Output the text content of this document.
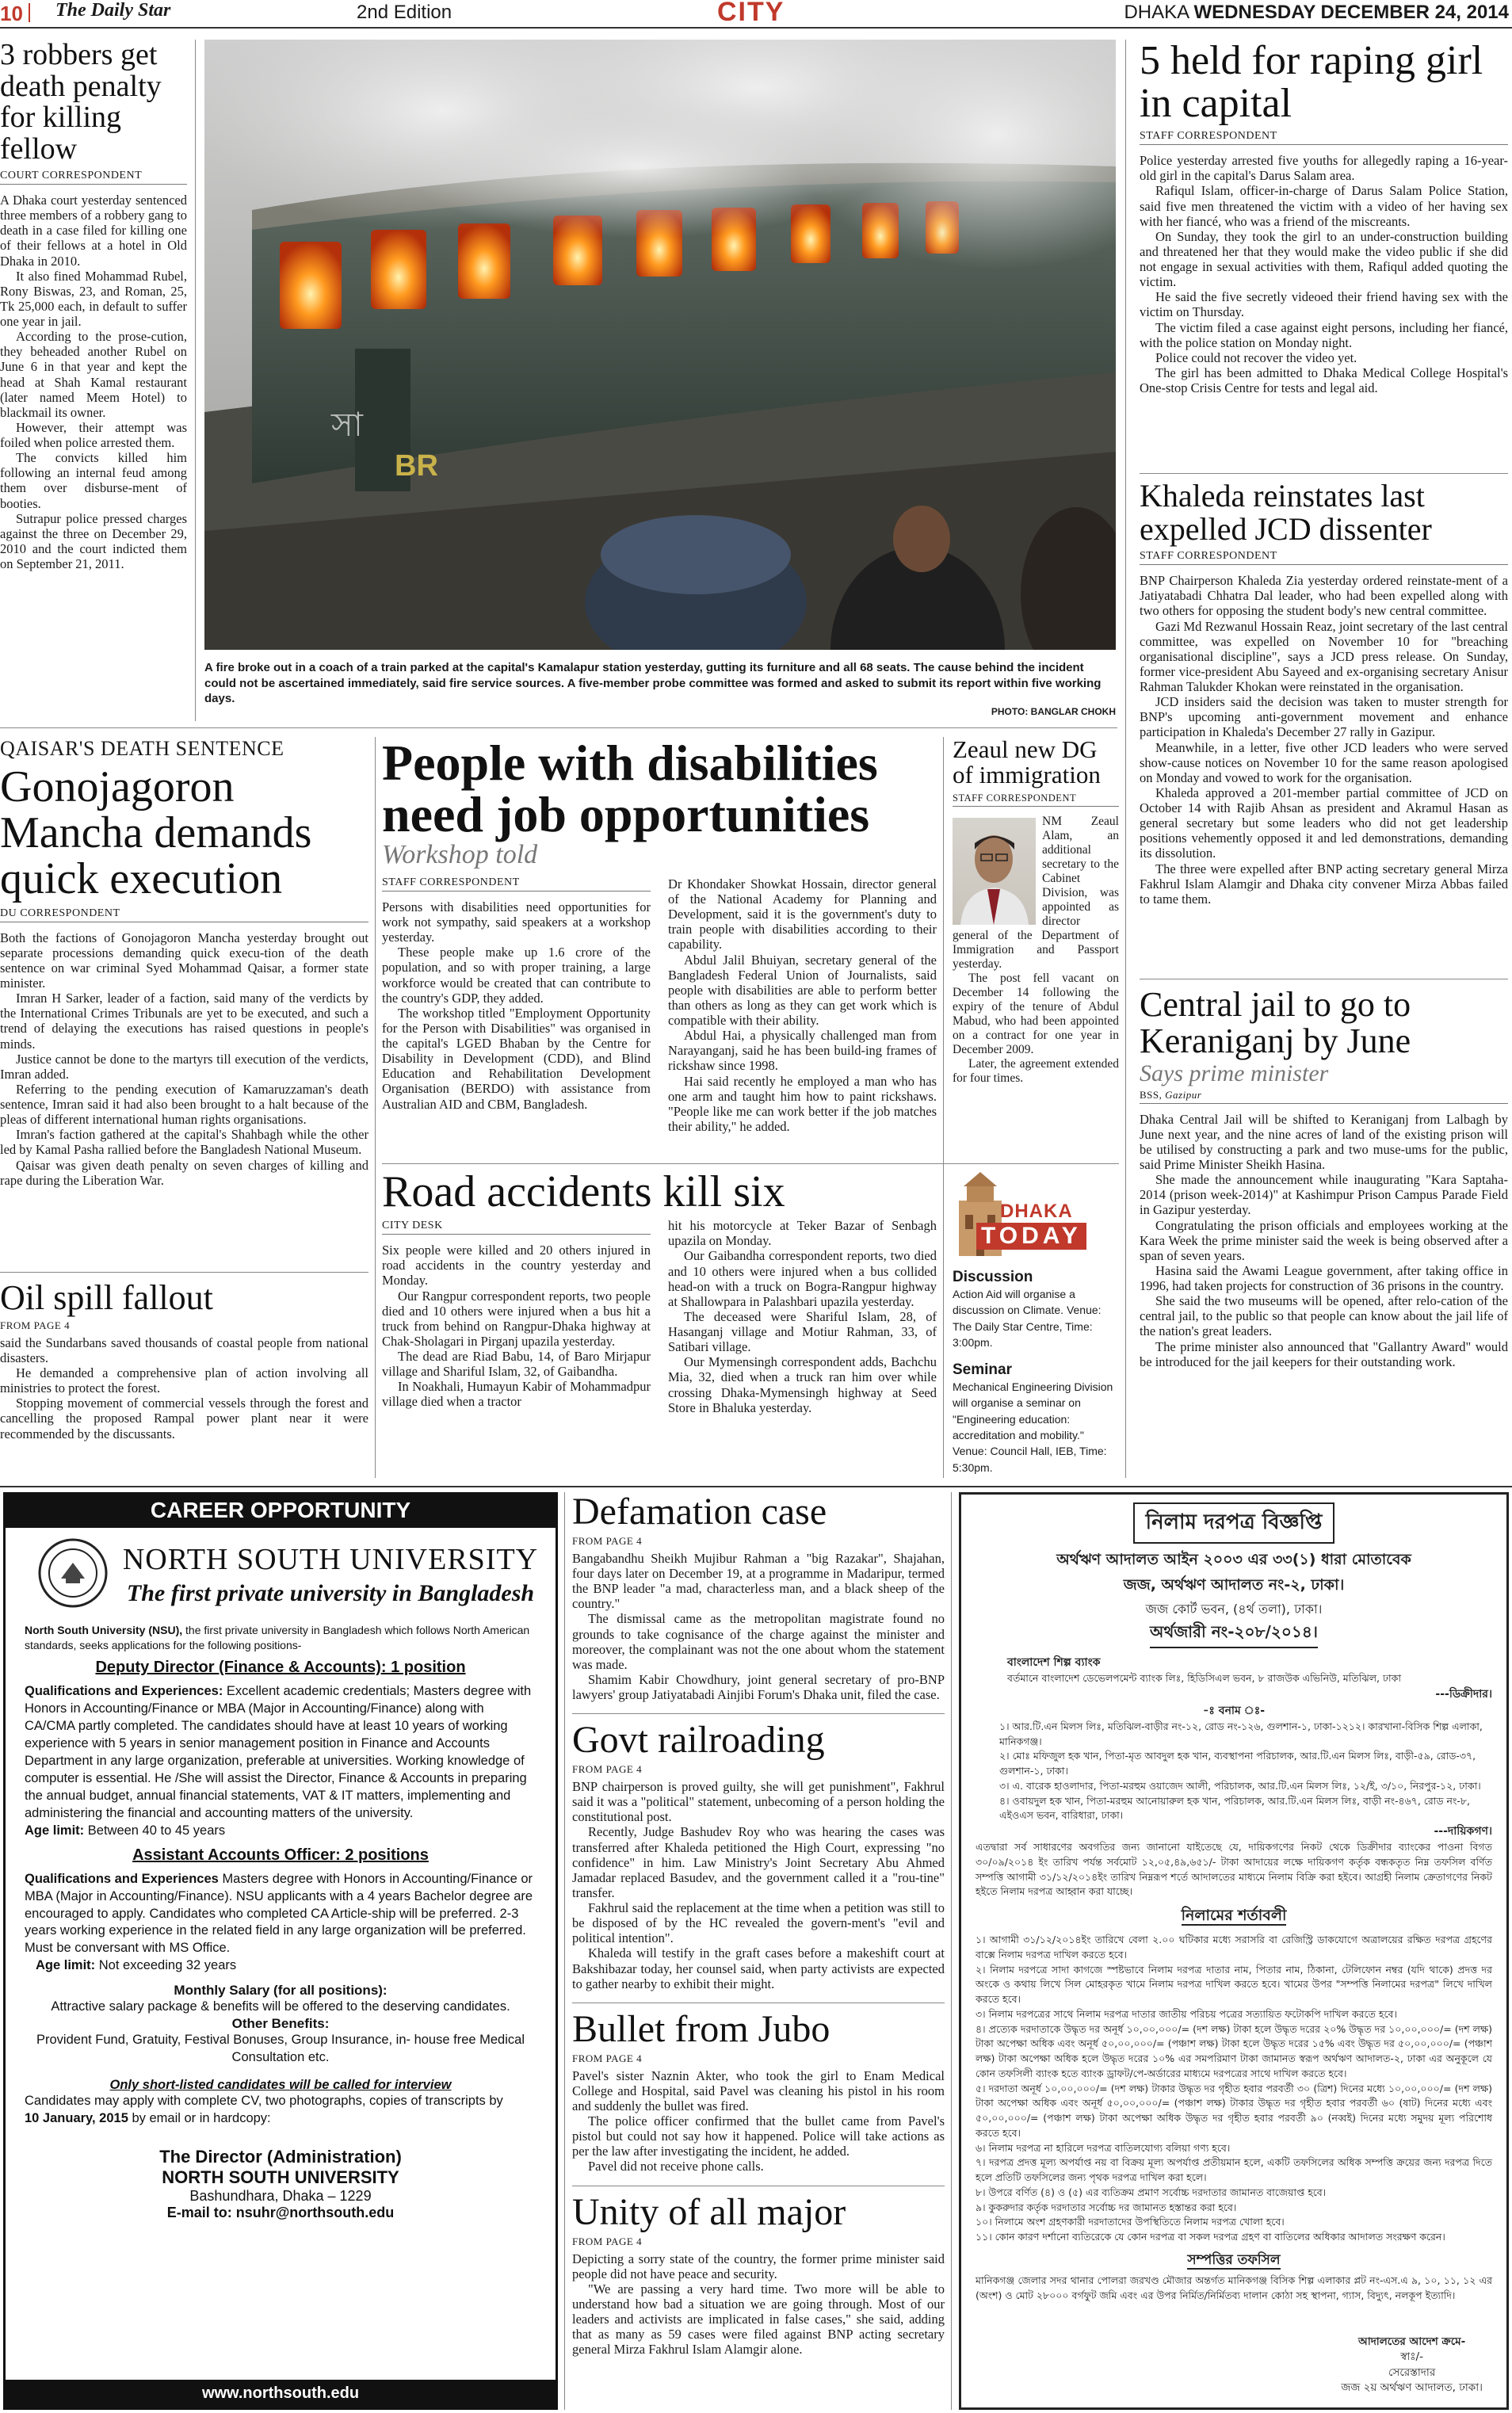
10 The Daily Star	2nd Edition	CITY	DHAKA WEDNESDAY DECEMBER 24, 2014
3 robbers get death penalty for killing fellow
COURT CORRESPONDENT

A Dhaka court yesterday sentenced three members of a robbery gang to death in a case filed for killing one of their fellows at a hotel in Old Dhaka in 2010.

It also fined Mohammad Rubel, Rony Biswas, 23, and Roman, 25, Tk 25,000 each, in default to suffer one year in jail.

According to the prose-cution, they beheaded another Rubel on June 6 in that year and kept the head at Shah Kamal restaurant (later named Meem Hotel) to blackmail its owner.

However, their attempt was foiled when police arrested them.

The convicts killed him following an internal feud among them over disburse-ment of booties.

Sutrapur police pressed charges against the three on December 29, 2010 and the court indicted them on September 21, 2011.

BR
সা
A fire broke out in a coach of a train parked at the capital's Kamalapur station yesterday, gutting its furniture and all 68 seats. The cause behind the incident could not be ascertained immediately, said fire service sources. A five-member probe committee was formed and asked to submit its report within five working days.
PHOTO: BANGLAR CHOKH
5 held for raping girl in capital
STAFF CORRESPONDENT

Police yesterday arrested five youths for allegedly raping a 16-year-old girl in the capital's Darus Salam area.

Rafiqul Islam, officer-in-charge of Darus Salam Police Station, said five men threatened the victim with a video of her having sex with her fiancé, who was a friend of the miscreants.

On Sunday, they took the girl to an under-construction building and threatened her that they would make the video public if she did not engage in sexual activities with them, Rafiqul added quoting the victim.

He said the five secretly videoed their friend having sex with the victim on Thursday.

The victim filed a case against eight persons, including her fiancé, with the police station on Monday night.

Police could not recover the video yet.

The girl has been admitted to Dhaka Medical College Hospital's One-stop Crisis Centre for tests and legal aid.

Khaleda reinstates last expelled JCD dissenter
STAFF CORRESPONDENT

BNP Chairperson Khaleda Zia yesterday ordered reinstate-ment of a Jatiyatabadi Chhatra Dal leader, who had been expelled along with two others for opposing the student body's new central committee.

Gazi Md Rezwanul Hossain Reaz, joint secretary of the last central committee, was expelled on November 10 for "breaching organisational discipline", says a JCD press release. On Sunday, former vice-president Abu Sayeed and ex-organising secretary Anisur Rahman Talukder Khokan were reinstated in the organisation.

JCD insiders said the decision was taken to muster strength for BNP's upcoming anti-government movement and enhance participation in Khaleda's December 27 rally in Gazipur.

Meanwhile, in a letter, five other JCD leaders who were served show-cause notices on November 10 for the same reason apologised on Monday and vowed to work for the organisation.

Khaleda approved a 201-member partial committee of JCD on October 14 with Rajib Ahsan as president and Akramul Hasan as general secretary but some leaders who did not get leadership positions vehemently opposed it and led demonstrations, demanding its dissolution.

The three were expelled after BNP acting secretary general Mirza Fakhrul Islam Alamgir and Dhaka city convener Mirza Abbas failed to tame them.

Central jail to go to Keraniganj by June
Says prime minister
BSS, Gazipur

Dhaka Central Jail will be shifted to Keraniganj from Lalbagh by June next year, and the nine acres of land of the existing prison will be utilised by constructing a park and two muse-ums for the public, said Prime Minister Sheikh Hasina.

She made the announcement while inaugurating "Kara Saptaha-2014 (prison week-2014)" at Kashimpur Prison Campus Parade Field in Gazipur yesterday.

Congratulating the prison officials and employees working at the Kara Week the prime minister said the week is being observed after a span of seven years.

Hasina said the Awami League government, after taking office in 1996, had taken projects for construction of 36 prisons in the country.

She said the two museums will be opened, after relo-cation of the central jail, to the public so that people can know about the jail life of the nation's great leaders.

The prime minister also announced that "Gallantry Award" would be introduced for the jail keepers for their outstanding work.

QAISAR'S DEATH SENTENCE
Gonojagoron Mancha demands quick execution
DU CORRESPONDENT

Both the factions of Gonojagoron Mancha yesterday brought out separate processions demanding quick execu-tion of the death sentence on war criminal Syed Mohammad Qaisar, a former state minister.

Imran H Sarker, leader of a faction, said many of the verdicts by the International Crimes Tribunals are yet to be executed, and such a trend of delaying the executions has raised questions in people's minds.

Justice cannot be done to the martyrs till execution of the verdicts, Imran added.

Referring to the pending execution of Kamaruzzaman's death sentence, Imran said it had also been brought to a halt because of the pleas of different international human rights organisations.

Imran's faction gathered at the capital's Shahbagh while the other led by Kamal Pasha rallied before the Bangladesh National Museum.

Qaisar was given death penalty on seven charges of killing and rape during the Liberation War.

Oil spill fallout
FROM PAGE 4

said the Sundarbans saved thousands of coastal people from national disasters.

He demanded a comprehensive plan of action involving all ministries to protect the forest.

Stopping movement of commercial vessels through the forest and cancelling the proposed Rampal power plant near it were recommended by the discussants.

People with disabilities need job opportunities
Workshop told
STAFF CORRESPONDENT

Persons with disabilities need opportunities for work not sympathy, said speakers at a workshop yesterday.

These people make up 1.6 crore of the population, and so with proper training, a large workforce would be created that can contribute to the country's GDP, they added.

The workshop titled "Employment Opportunity for the Person with Disabilities" was organised in the capital's LGED Bhaban by the Centre for Disability in Development (CDD), and Blind Education and Rehabilitation Development Organisation (BERDO) with assistance from Australian AID and CBM, Bangladesh.

Dr Khondaker Showkat Hossain, director general of the National Academy for Planning and Development, said it is the government's duty to train people with disabilities according to their capability.

Abdul Jalil Bhuiyan, secretary general of the Bangladesh Federal Union of Journalists, said people with disabilities are able to perform better than others as long as they can get work which is compatible with their ability.

Abdul Hai, a physically challenged man from Narayanganj, said he has been build-ing frames of rickshaw since 1998.

Hai said recently he employed a man who has one arm and taught him how to paint rickshaws. "People like me can work better if the job matches their ability," he added.

Zeaul new DG of immigration
STAFF CORRESPONDENT

NM Zeaul Alam, an additional secretary to the Cabinet Division, was appointed as director general of the Department of Immigration and Passport yesterday.

The post fell vacant on December 14 following the expiry of the tenure of Abdul Mabud, who had been appointed on a contract for one year in December 2009.

Later, the agreement extended for four times.

Road accidents kill six
CITY DESK

Six people were killed and 20 others injured in road accidents in the country yesterday and Monday.

Our Rangpur correspondent reports, two people died and 10 others were injured when a bus hit a truck from behind on Rangpur-Dhaka highway at Chak-Sholagari in Pirganj upazila yesterday.

The dead are Riad Babu, 14, of Baro Mirjapur village and Shariful Islam, 32, of Gaibandha.

In Noakhali, Humayun Kabir of Mohammadpur village died when a tractor

hit his motorcycle at Teker Bazar of Senbagh upazila on Monday.

Our Gaibandha correspondent reports, two died and 10 others were injured when a bus collided head-on with a truck on Bogra-Rangpur highway at Shallowpara in Palashbari upazila yesterday.

The deceased were Shariful Islam, 28, of Hasanganj village and Motiur Rahman, 33, of Satibari village.

Our Mymensingh correspondent adds, Bachchu Mia, 32, died when a truck ran him over while crossing Dhaka-Mymensingh highway at Seed Store in Bhaluka yesterday.

DHAKA
TODAY
Discussion
Action Aid will organise a discussion on Climate. Venue: The Daily Star Centre, Time: 3:00pm.
Seminar
Mechanical Engineering Division will organise a seminar on "Engineering education: accreditation and mobility." Venue: Council Hall, IEB, Time: 5:30pm.
CAREER OPPORTUNITY
NORTH SOUTH UNIVERSITY
The first private university in Bangladesh

North South University (NSU), the first private university in Bangladesh which follows North American standards, seeks applications for the following positions-

Deputy Director (Finance & Accounts): 1 position

Qualifications and Experiences: Excellent academic credentials; Masters degree with Honors in Accounting/Finance or MBA (Major in Accounting/Finance) along with CA/CMA partly completed. The candidates should have at least 10 years of working experience with 5 years in senior management position in Finance and Accounts Department in any large organization, preferable at universities. Working knowledge of computer is essential. He /She will assist the Director, Finance & Accounts in preparing the annual budget, annual financial statements, VAT & IT matters, implementing and administering the financial and accounting matters of the university.

Age limit: Between 40 to 45 years

Assistant Accounts Officer: 2 positions

Qualifications and Experiences Masters degree with Honors in Accounting/Finance or MBA (Major in Accounting/Finance). NSU applicants with a 4 years Bachelor degree are encouraged to apply. Candidates who completed CA Article-ship will be preferred. 2-3 years working experience in the related field in any large organization will be preferred. Must be conversant with MS Office.

Age limit: Not exceeding 32 years

Monthly Salary (for all positions):

Attractive salary package & benefits will be offered to the deserving candidates.

Other Benefits:

Provident Fund, Gratuity, Festival Bonuses, Group Insurance, in- house free Medical Consultation etc.

Only short-listed candidates will be called for interview

Candidates may apply with complete CV, two photographs, copies of transcripts by

10 January, 2015 by email or in hardcopy:

The Director (Administration)
NORTH SOUTH UNIVERSITY
Bashundhara, Dhaka – 1229
E-mail to: nsuhr@northsouth.edu
www.northsouth.edu
Defamation case
FROM PAGE 4

Bangabandhu Sheikh Mujibur Rahman a "big Razakar", Shajahan, four days later on December 19, at a programme in Madaripur, termed the BNP leader "a mad, characterless man, and a black sheep of the country."

The dismissal came as the metropolitan magistrate found no grounds to take cognisance of the charge against the minister and moreover, the complainant was not the one about whom the statement was made.

Shamim Kabir Chowdhury, joint general secretary of pro-BNP lawyers' group Jatiyatabadi Ainjibi Forum's Dhaka unit, filed the case.

Govt railroading
FROM PAGE 4

BNP chairperson is proved guilty, she will get punishment", Fakhrul said it was a "political" statement, unbecoming of a person holding the constitutional post.

Recently, Judge Bashudev Roy who was hearing the cases was transferred after Khaleda petitioned the High Court, expressing "no confidence" in him. Law Ministry's Joint Secretary Abu Ahmed Jamadar replaced Basudev, and the government called it a "rou-tine" transfer.

Fakhrul said the replacement at the time when a petition was still to be disposed of by the HC revealed the govern-ment's "evil and political intention".

Khaleda will testify in the graft cases before a makeshift court at Bakshibazar today, her counsel said, when party activists are expected to gather nearby to exhibit their might.

Bullet from Jubo
FROM PAGE 4

Pavel's sister Naznin Akter, who took the girl to Enam Medical College and Hospital, said Pavel was cleaning his pistol in his room and suddenly the bullet was fired.

The police officer confirmed that the bullet came from Pavel's pistol but could not say how it happened. Police will take actions as per the law after investigating the incident, he added.

Pavel did not receive phone calls.

Unity of all major
FROM PAGE 4

Depicting a sorry state of the country, the former prime minister said people did not have peace and security.

"We are passing a very hard time. Two more will be able to understand how bad a situation we are going through. Most of our leaders and activists are implicated in false cases," she said, adding that as many as 59 cases were filed against BNP acting secretary general Mirza Fakhrul Islam Alamgir alone.

নিলাম দরপত্র বিজ্ঞপ্তি
অর্থঋণ আদালত আইন ২০০৩ এর ৩৩(১) ধারা মোতাবেক
জজ, অর্থঋণ আদালত নং-২, ঢাকা।
জজ কোর্ট ভবন, (৪র্থ তলা), ঢাকা।
অর্থজারী নং-২০৮/২০১৪।
বাংলাদেশ শিল্প ব্যাংক
বর্তমানে বাংলাদেশ ডেভেলপমেন্ট ব্যাংক লিঃ, হিডিসিএল ভবন, ৮ রাজউক এভিনিউ, মতিঝিল, ঢাকা
---ডিক্রীদার।
-ঃ বনাম ঃ-
১। আর.টি.এন মিলস লিঃ, মতিঝিল-বাড়ীর নং-১২, রোড নং-১২৬, গুলশান-১, ঢাকা-১২১২। কারখানা-বিসিক শিল্প এলাকা, মানিকগঞ্জ।
২। মোঃ মফিজুল হক খান, পিতা-মৃত আবদুল হক খান, ব্যবস্থাপনা পরিচালক, আর.টি.এন মিলস লিঃ, বাড়ী-৫৯, রোড-৩৭, গুলশান-১, ঢাকা।
৩। এ. বারেক হাওলাদার, পিতা-মরহুম ওয়াজেদ আলী, পরিচালক, আর.টি.এন মিলস লিঃ, ১২/ই, ৩/১০, নিরপুর-১২, ঢাকা।
৪। ওবায়দুল হক খান, পিতা-মরহুম আনোয়ারুল হক খান, পরিচালক, আর.টি.এন মিলস লিঃ, বাড়ী নং-৪৬৭, রোড নং-৮, এইওএস ভবন, বারিধারা, ঢাকা।
---দায়িকগণ।
এতদ্বারা সর্ব সাধারণের অবগতির জন্য জানানো যাইতেছে যে, দায়িকগণের নিকট থেকে ডিক্রীদার ব্যাংকের পাওনা বিগত ৩০/০৯/২০১৪ ইং তারিখ পর্যন্ত সর্বমোট ১২,০৫,৪৯,৬৫১/- টাকা আদায়ের লক্ষে দায়িকগণ কর্তৃক বন্ধকতৃত নিম্ন তফসিল বর্ণিত সম্পত্তি আগামী ৩১/১২/২০১৪ইং তারিখ নিম্নরূপ শর্তে আদালতের মাধ্যমে নিলাম বিক্রি করা হইবে। আগ্রহী নিলাম ক্রেতাগণের নিকট হইতে নিলাম দরপত্র আহ্বান করা যাচ্ছে।
নিলামের শর্তাবলী
১। আগামী ৩১/১২/২০১৪ইং তারিখে বেলা ২.০০ ঘটিকার মধ্যে সরাসরি বা রেজিস্ট্রি ডাকযোগে অত্রালয়ের রক্ষিত দরপত্র গ্রহণের বাক্সে নিলাম দরপত্র দাখিল করতে হবে।
২। নিলাম দরপত্রে সাদা কাগজে স্পষ্টভাবে নিলাম দরপত্র দাতার নাম, পিতার নাম, ঠিকানা, টেলিফোন নম্বর (যদি থাকে) প্রদত্ত দর অংকে ও কথায় লিখে সিল মোহরকৃত খামে নিলাম দরপত্র দাখিল করতে হবে। খামের উপর "সম্পত্তি নিলামের দরপত্র" লিখে দাখিল করতে হবে।
৩। নিলাম দরপত্রের সাথে নিলাম দরপত্র দাতার জাতীয় পরিচয় পত্রের সত্যায়িত ফটোকপি দাখিল করতে হবে।
৪। প্রত্যেক দরদাতাকে উদ্ধৃত দর অনূর্ধ ১০,০০,০০০/= (দশ লক্ষ) টাকা হলে উদ্ধৃত দরের ২০% উদ্ধৃত দর ১০,০০,০০০/= (দশ লক্ষ) টাকা অপেক্ষা অধিক এবং অনূর্ধ ৫০,০০,০০০/= (পঞ্চাশ লক্ষ) টাকা হলে উদ্ধৃত দরের ১৫% এবং উদ্ধৃত দর ৫০,০০,০০০/= (পঞ্চাশ লক্ষ) টাকা অপেক্ষা অধিক হলে উদ্ধৃত দরের ১০% এর সমপরিমাণ টাকা জামানত স্বরূপ অর্থঋণ আদালত-২, ঢাকা এর অনুকূলে যে কোন তফসিলী ব্যাংক হতে ব্যাংক ড্রাফট/পে-অর্ডারের মাধ্যমে দরপত্রের সাথে দাখিল করতে হবে।
৫। দরদাতা অনূর্ধ ১০,০০,০০০/= (দশ লক্ষ) টাকার উদ্ধৃত দর গৃহীত হবার পরবর্তী ৩০ (ত্রিশ) দিনের মধ্যে ১০,০০,০০০/= (দশ লক্ষ) টাকা অপেক্ষা অধিক এবং অনূর্ধ ৫০,০০,০০০/= (পঞ্চাশ লক্ষ) টাকার উদ্ধৃত দর গৃহীত হবার পরবর্তী ৬০ (ষাট) দিনের মধ্যে এবং ৫০,০০,০০০/= (পঞ্চাশ লক্ষ) টাকা অপেক্ষা অধিক উদ্ধৃত দর গৃহীত হবার পরবর্তী ৯০ (নব্বই) দিনের মধ্যে সমুদয় মূল্য পরিশোধ করতে হবে।
৬। নিলাম দরপত্র না হারিলে দরপত্র বাতিলযোগ্য বলিয়া গণ্য হবে।
৭। দরপত্র প্রদত্ত মূল্য অপর্যাপ্ত নয় বা বিক্রয় মূল্য অপর্যাপ্ত প্রতীয়মান হলে, একটি তফসিলের অধিক সম্পত্তি ক্রয়ের জন্য দরপত্র দিতে হলে প্রতিটি তফসিলের জন্য পৃথক দরপত্র দাখিল করা হলে।
৮। উপরে বর্ণিত (৪) ও (৫) এর ব্যতিক্রম প্রমাণ সর্বোচ্চ দরদাতার জামানত বাজেয়াপ্ত হবে।
৯। কুকরুদার কর্তৃক দরদাতার সর্বোচ্চ দর জামানত হস্তান্তর করা হবে।
১০। নিলামে অংশ গ্রহণকারী দরদাতাদের উপস্থিতিতে নিলাম দরপত্র খোলা হবে।
১১। কোন কারণ দর্শানো ব্যতিরেকে যে কোন দরপত্র বা সকল দরপত্র গ্রহণ বা বাতিলের অধিকার আদালত সংরক্ষণ করেন।
সম্পত্তির তফসিল
মানিকগঞ্জ জেলার সদর থানার পোলরা জরখণ্ড মৌজার অন্তর্গত মানিকগঞ্জ বিসিক শিল্প এলাকার প্লট নং-এস.এ ৯, ১০, ১১, ১২ এর (অংশ) ও মোট ২৮০০০ বর্গফুট জমি এবং এর উপর নির্মিত/নির্মিতব্য দালান কোঠা সহ স্থাপনা, গ্যাস, বিদ্যুৎ, নলকূপ ইত্যাদি।
আদালতের আদেশ ক্রমে-
স্বাঃ/-
সেরেস্তাদার
জজ ২য় অর্থঋণ আদালত, ঢাকা।
